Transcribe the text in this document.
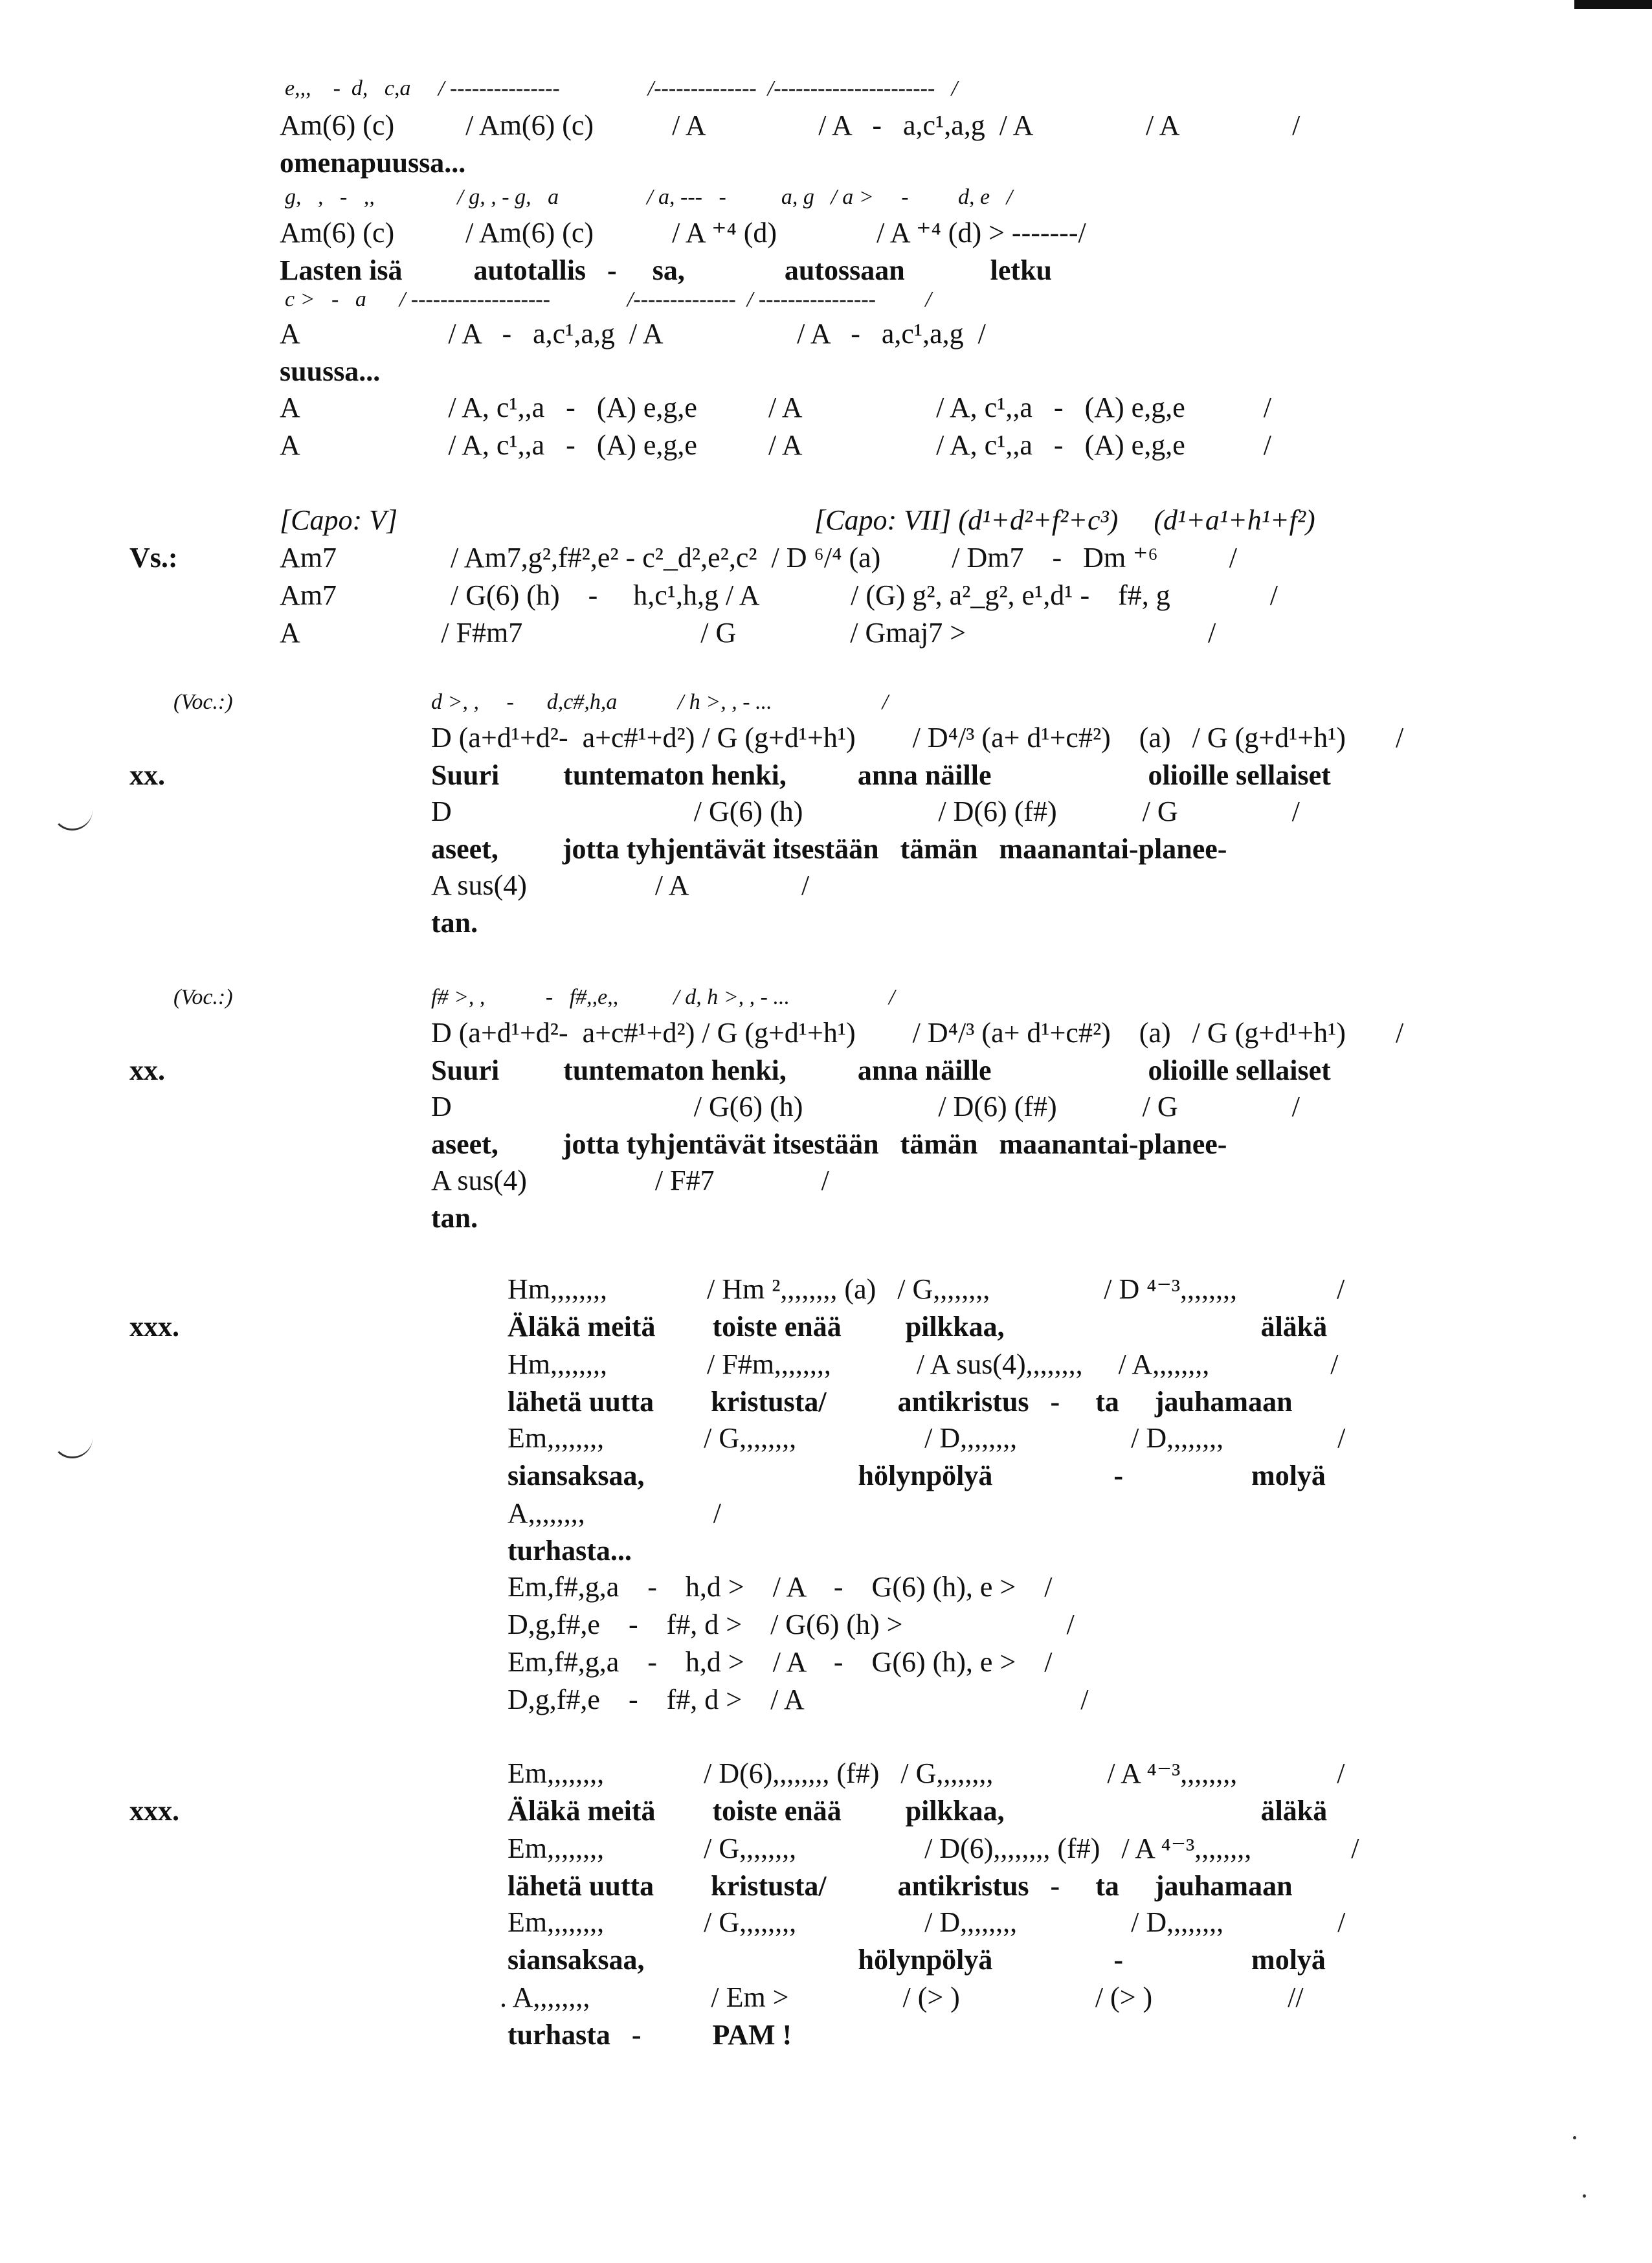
e,,,    -  d,   c,a     / ---------------                /--------------  /----------------------   /
Am(6) (c)          / Am(6) (c)           / A                / A   -   a,c¹,a,g  / A                / A                /
omenapuussa...
g,   ,   -   ,,               / g, , - g,   a                / a, ---   -          a, g   / a >     -         d, e   /
Am(6) (c)          / Am(6) (c)           / A ⁺⁴ (d)              / A ⁺⁴ (d) > -------/
Lasten isä          autotallis   -     sa,              autossaan            letku
c >   -   a      / -------------------              /--------------  / ----------------         /
A                     / A   -   a,c¹,a,g  / A                   / A   -   a,c¹,a,g  /
suussa...
A                     / A, c¹,,a   -   (A) e,g,e          / A                   / A, c¹,,a   -   (A) e,g,e           /
A                     / A, c¹,,a   -   (A) e,g,e          / A                   / A, c¹,,a   -   (A) e,g,e           /
[Capo: V]	[Capo: VII] (d¹+d²+f²+c³)     (d¹+a¹+h¹+f²)
Vs.:	Am7                / Am7,g²,f#²,e² - c²_d²,e²,c²  / D ⁶/⁴ (a)          / Dm7    -   Dm ⁺⁶          /
Am7                / G(6) (h)    -     h,c¹,h,g / A             / (G) g², a²_g², e¹,d¹ -    f#, g              /
A                    / F#m7                         / G                / Gmaj7 >                                  /
(Voc.:)	d >, ,     -      d,c#,h,a           / h >, , - ...                    /
D (a+d¹+d²-  a+c#¹+d²) / G (g+d¹+h¹)        / D⁴/³ (a+ d¹+c#²)    (a)   / G (g+d¹+h¹)       /
xx.	Suuri         tuntematon henki,          anna näille                      olioille sellaiset
D                                  / G(6) (h)                   / D(6) (f#)            / G                /
aseet,         jotta tyhjentävät itsestään   tämän   maanantai-planee-
A sus(4)                  / A                /
tan.
(Voc.:)	f# >, ,           -   f#,,e,,          / d, h >, , - ...                  /
D (a+d¹+d²-  a+c#¹+d²) / G (g+d¹+h¹)        / D⁴/³ (a+ d¹+c#²)    (a)   / G (g+d¹+h¹)       /
xx.	Suuri         tuntematon henki,          anna näille                      olioille sellaiset
D                                  / G(6) (h)                   / D(6) (f#)            / G                /
aseet,         jotta tyhjentävät itsestään   tämän   maanantai-planee-
A sus(4)                  / F#7               /
tan.
Hm,,,,,,,,              / Hm ²,,,,,,,, (a)   / G,,,,,,,,                / D ⁴⁻³,,,,,,,,              /
xxx.	Äläkä meitä        toiste enää         pilkkaa,                                    äläkä
Hm,,,,,,,,              / F#m,,,,,,,,            / A sus(4),,,,,,,,     / A,,,,,,,,                 /
lähetä uutta        kristusta/          antikristus   -     ta     jauhamaan
Em,,,,,,,,              / G,,,,,,,,                  / D,,,,,,,,                / D,,,,,,,,                /
siansaksaa,                              hölynpölyä                 -                  molyä
A,,,,,,,,                  /
turhasta...
Em,f#,g,a    -    h,d >    / A    -    G(6) (h), e >    /
D,g,f#,e    -    f#, d >    / G(6) (h) >                       /
Em,f#,g,a    -    h,d >    / A    -    G(6) (h), e >    /
D,g,f#,e    -    f#, d >    / A                                       /
Em,,,,,,,,              / D(6),,,,,,,, (f#)   / G,,,,,,,,                / A ⁴⁻³,,,,,,,,              /
xxx.	Äläkä meitä        toiste enää         pilkkaa,                                    äläkä
Em,,,,,,,,              / G,,,,,,,,                  / D(6),,,,,,,, (f#)   / A ⁴⁻³,,,,,,,,              /
lähetä uutta        kristusta/          antikristus   -     ta     jauhamaan
Em,,,,,,,,              / G,,,,,,,,                  / D,,,,,,,,                / D,,,,,,,,                /
siansaksaa,                              hölynpölyä                 -                  molyä
. A,,,,,,,,                 / Em >                / (> )                   / (> )                   //
turhasta   -          PAM !
